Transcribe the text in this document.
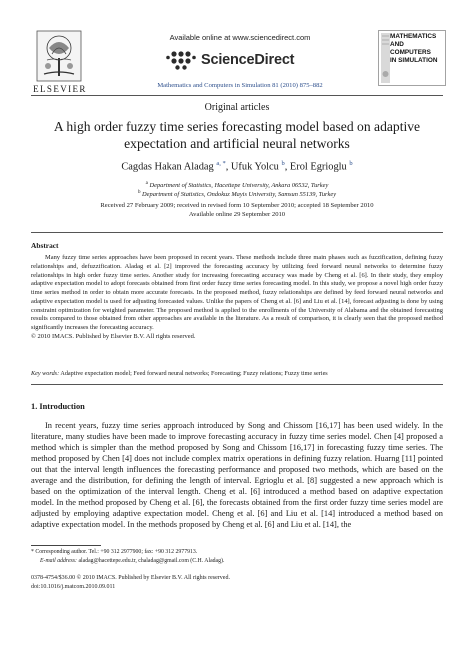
ELSEVIER
Available online at www.sciencedirect.com
ScienceDirect
Mathematics and Computers in Simulation 81 (2010) 875–882
MATHEMATICS
AND
COMPUTERS
IN SIMULATION
Original articles
A high order fuzzy time series forecasting model based on adaptive expectation and artificial neural networks
Cagdas Hakan Aladag $^{a, *}$, Ufuk Yolcu $^b$, Erol Egrioglu $^b$
$^a$ Department of Statistics, Hacettepe University, Ankara 06532, Turkey
$^b$ Department of Statistics, Ondokuz Mayis University, Samsun 55139, Turkey
Received 27 February 2009; received in revised form 10 September 2010; accepted 18 September 2010
Available online 29 September 2010
Abstract
Many fuzzy time series approaches have been proposed in recent years. These methods include three main phases such as fuzzification, defining fuzzy relationships and, defuzzification. Aladag et al. [2] improved the forecasting accuracy by utilizing feed forward neural networks to determine fuzzy relationships in high order fuzzy time series. Another study for increasing forecasting accuracy was made by Cheng et al. [6]. In their study, they employ adaptive expectation model to adopt forecasts obtained from first order fuzzy time series forecasting model. In this study, we propose a novel high order fuzzy time series method in order to obtain more accurate forecasts. In the proposed method, fuzzy relationships are defined by feed forward neural networks and adaptive expectation model is used for adjusting forecasted values. Unlike the papers of Cheng et al. [6] and Liu et al. [14], forecast adjusting is done by using constraint optimization for weighted parameter. The proposed method is applied to the enrollments of the University of Alabama and the obtained forecasting results compared to those obtained from other approaches are available in the literature. As a result of comparison, it is clearly seen that the proposed method significantly increases the forecasting accuracy.
© 2010 IMACS. Published by Elsevier B.V. All rights reserved.
Key words: Adaptive expectation model; Feed forward neural networks; Forecasting; Fuzzy relations; Fuzzy time series
1. Introduction
In recent years, fuzzy time series approach introduced by Song and Chissom [16,17] has been used widely. In the literature, many studies have been made to improve forecasting accuracy in fuzzy time series model. Chen [4] proposed a method which is simpler than the method proposed by Song and Chissom [16,17] in forecasting fuzzy time series. The method proposed by Chen [4] does not include complex matrix operations in defining fuzzy relation. Huarng [11] pointed out that the interval length influences the forecasting performance and proposed two methods, which are based on the average and the distribution, for defining the length of interval. Egrioglu et al. [8] suggested a new approach which is based on the optimization of the interval length. Cheng et al. [6] introduced a method based on adaptive expectation model. In the method proposed by Cheng et al. [6], the forecasts obtained from the first order fuzzy time series model are adjusted by employing adaptive expectation model. Cheng et al. [6] and Liu et al. [14] introduced a method based on adaptive expectation model. In the methods proposed by Cheng et al. [6] and Liu et al. [14], the
* Corresponding author. Tel.: +90 312 2977900; fax: +90 312 2977913.
E-mail address: aladag@hacettepe.edu.tr, chaladag@gmail.com (C.H. Aladag).
0378-4754/$36.00 © 2010 IMACS. Published by Elsevier B.V. All rights reserved.
doi:10.1016/j.matcom.2010.09.011
